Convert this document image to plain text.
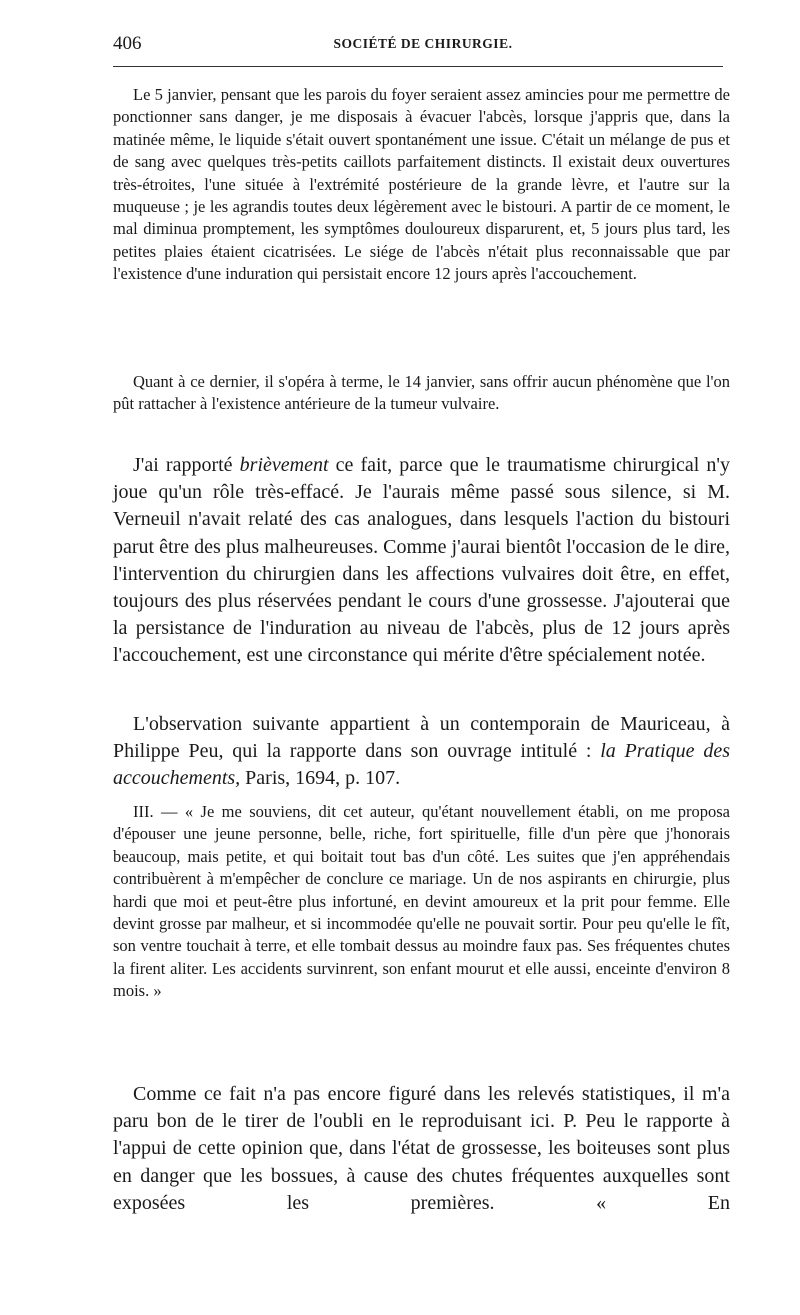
406	SOCIÉTÉ DE CHIRURGIE.

Le 5 janvier, pensant que les parois du foyer seraient assez amincies pour me permettre de ponctionner sans danger, je me disposais à évacuer l'abcès, lorsque j'appris que, dans la matinée même, le liquide s'était ouvert spontanément une issue. C'était un mélange de pus et de sang avec quelques très-petits caillots parfaitement distincts. Il existait deux ouvertures très-étroites, l'une située à l'extrémité postérieure de la grande lèvre, et l'autre sur la muqueuse ; je les agrandis toutes deux légèrement avec le bistouri. A partir de ce moment, le mal diminua promptement, les symptômes douloureux disparurent, et, 5 jours plus tard, les petites plaies étaient cicatrisées. Le siége de l'abcès n'était plus reconnaissable que par l'existence d'une induration qui persistait encore 12 jours après l'accouchement.

Quant à ce dernier, il s'opéra à terme, le 14 janvier, sans offrir aucun phénomène que l'on pût rattacher à l'existence antérieure de la tumeur vulvaire.

J'ai rapporté brièvement ce fait, parce que le traumatisme chirurgical n'y joue qu'un rôle très-effacé. Je l'aurais même passé sous silence, si M. Verneuil n'avait relaté des cas analogues, dans lesquels l'action du bistouri parut être des plus malheureuses. Comme j'aurai bientôt l'occasion de le dire, l'intervention du chirurgien dans les affections vulvaires doit être, en effet, toujours des plus réservées pendant le cours d'une grossesse. J'ajouterai que la persistance de l'induration au niveau de l'abcès, plus de 12 jours après l'accouchement, est une circonstance qui mérite d'être spécialement notée.

L'observation suivante appartient à un contemporain de Mauriceau, à Philippe Peu, qui la rapporte dans son ouvrage intitulé : la Pratique des accouchements, Paris, 1694, p. 107.

III. — « Je me souviens, dit cet auteur, qu'étant nouvellement établi, on me proposa d'épouser une jeune personne, belle, riche, fort spirituelle, fille d'un père que j'honorais beaucoup, mais petite, et qui boitait tout bas d'un côté. Les suites que j'en appréhendais contribuèrent à m'empêcher de conclure ce mariage. Un de nos aspirants en chirurgie, plus hardi que moi et peut-être plus infortuné, en devint amoureux et la prit pour femme. Elle devint grosse par malheur, et si incommodée qu'elle ne pouvait sortir. Pour peu qu'elle le fît, son ventre touchait à terre, et elle tombait dessus au moindre faux pas. Ses fréquentes chutes la firent aliter. Les accidents survinrent, son enfant mourut et elle aussi, enceinte d'environ 8 mois. »

Comme ce fait n'a pas encore figuré dans les relevés statistiques, il m'a paru bon de le tirer de l'oubli en le reproduisant ici. P. Peu le rapporte à l'appui de cette opinion que, dans l'état de grossesse, les boiteuses sont plus en danger que les bossues, à cause des chutes fréquentes auxquelles sont exposées les premières. « En
